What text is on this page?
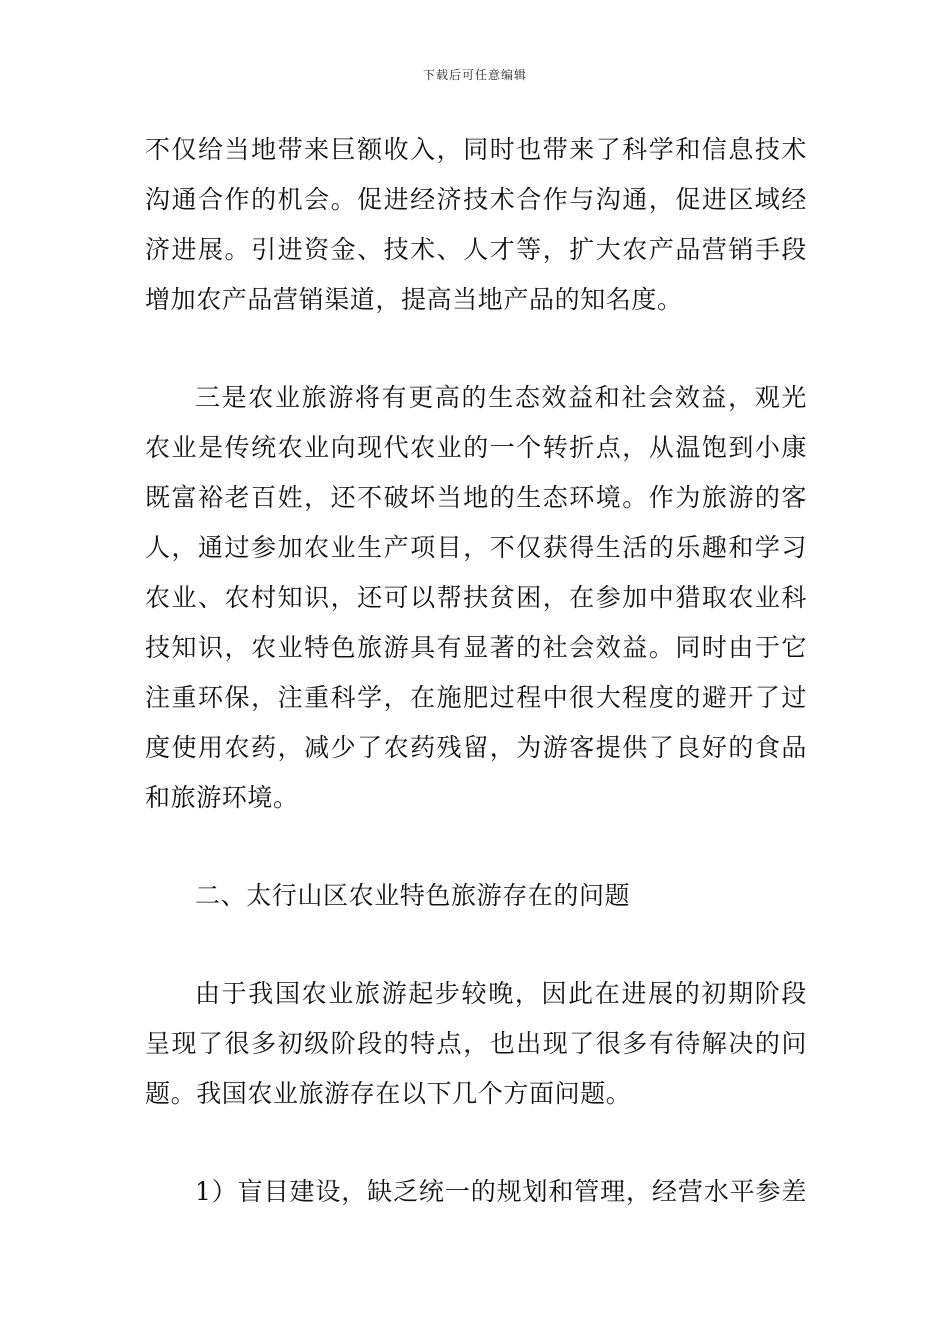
下载后可任意编辑
不仅给当地带来巨额收入，同时也带来了科学和信息技术
沟通合作的机会。促进经济技术合作与沟通，促进区域经
济进展。引进资金、技术、人才等，扩大农产品营销手段
增加农产品营销渠道，提高当地产品的知名度。
三是农业旅游将有更高的生态效益和社会效益，观光
农业是传统农业向现代农业的一个转折点，从温饱到小康
既富裕老百姓，还不破坏当地的生态环境。作为旅游的客
人，通过参加农业生产项目，不仅获得生活的乐趣和学习
农业、农村知识，还可以帮扶贫困，在参加中猎取农业科
技知识，农业特色旅游具有显著的社会效益。同时由于它
注重环保，注重科学，在施肥过程中很大程度的避开了过
度使用农药，减少了农药残留，为游客提供了良好的食品
和旅游环境。
二、太行山区农业特色旅游存在的问题
由于我国农业旅游起步较晚，因此在进展的初期阶段
呈现了很多初级阶段的特点，也出现了很多有待解决的问
题。我国农业旅游存在以下几个方面问题。
1）盲目建设，缺乏统一的规划和管理，经营水平参差
